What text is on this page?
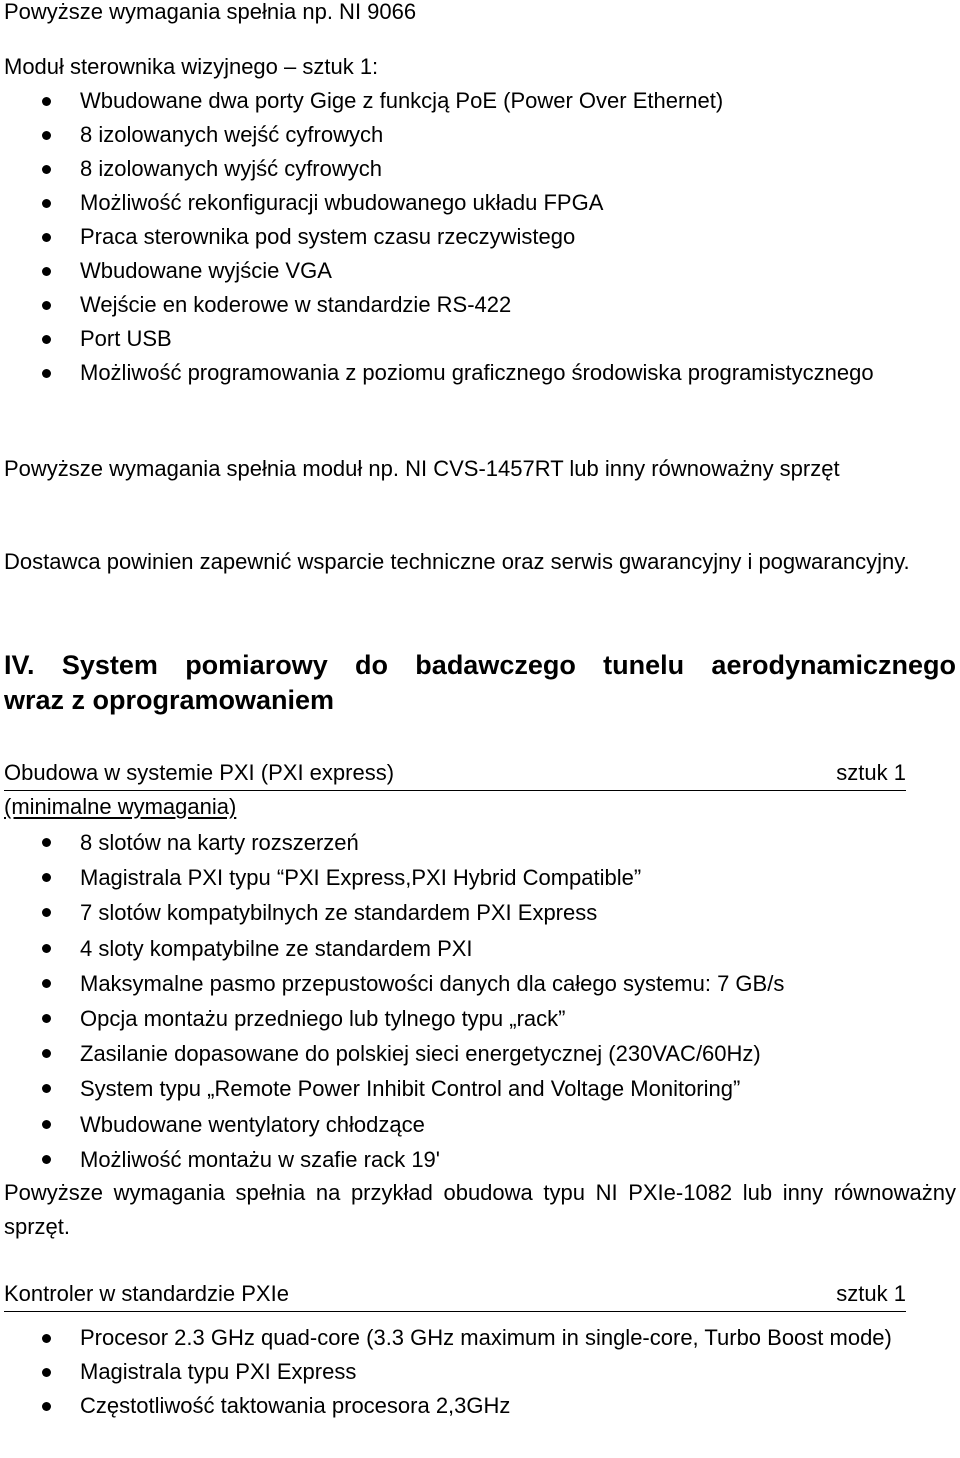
Powyższe wymagania spełnia np. NI 9066
Moduł sterownika wizyjnego – sztuk 1:
Wbudowane dwa porty Gige z funkcją PoE (Power Over Ethernet)
8 izolowanych wejść cyfrowych
8 izolowanych wyjść cyfrowych
Możliwość rekonfiguracji wbudowanego układu FPGA
Praca sterownika pod system czasu rzeczywistego
Wbudowane wyjście VGA
Wejście en koderowe w standardzie RS-422
Port USB
Możliwość programowania z poziomu graficznego środowiska programistycznego
Powyższe wymagania spełnia moduł np. NI CVS-1457RT lub inny równoważny sprzęt
Dostawca powinien zapewnić wsparcie techniczne oraz serwis gwarancyjny i pogwarancyjny.
IV. System pomiarowy do badawczego tunelu aerodynamicznego
wraz z oprogramowaniem
Obudowa w systemie PXI (PXI express)	sztuk 1
(minimalne wymagania)
8 slotów na karty rozszerzeń
Magistrala PXI typu “PXI Express,PXI Hybrid Compatible”
7 slotów kompatybilnych ze standardem PXI Express
4 sloty kompatybilne ze standardem PXI
Maksymalne pasmo przepustowości danych dla całego systemu: 7 GB/s
Opcja montażu przedniego lub tylnego typu „rack”
Zasilanie dopasowane do polskiej sieci energetycznej (230VAC/60Hz)
System typu „Remote Power Inhibit Control and Voltage Monitoring”
Wbudowane wentylatory chłodzące
Możliwość montażu w szafie rack 19'
Powyższe wymagania spełnia na przykład obudowa typu NI PXIe-1082 lub inny równoważny sprzęt.
Kontroler w standardzie PXIe	sztuk 1
Procesor 2.3 GHz quad-core (3.3 GHz maximum in single-core, Turbo Boost mode)
Magistrala typu PXI Express
Częstotliwość taktowania procesora 2,3GHz
